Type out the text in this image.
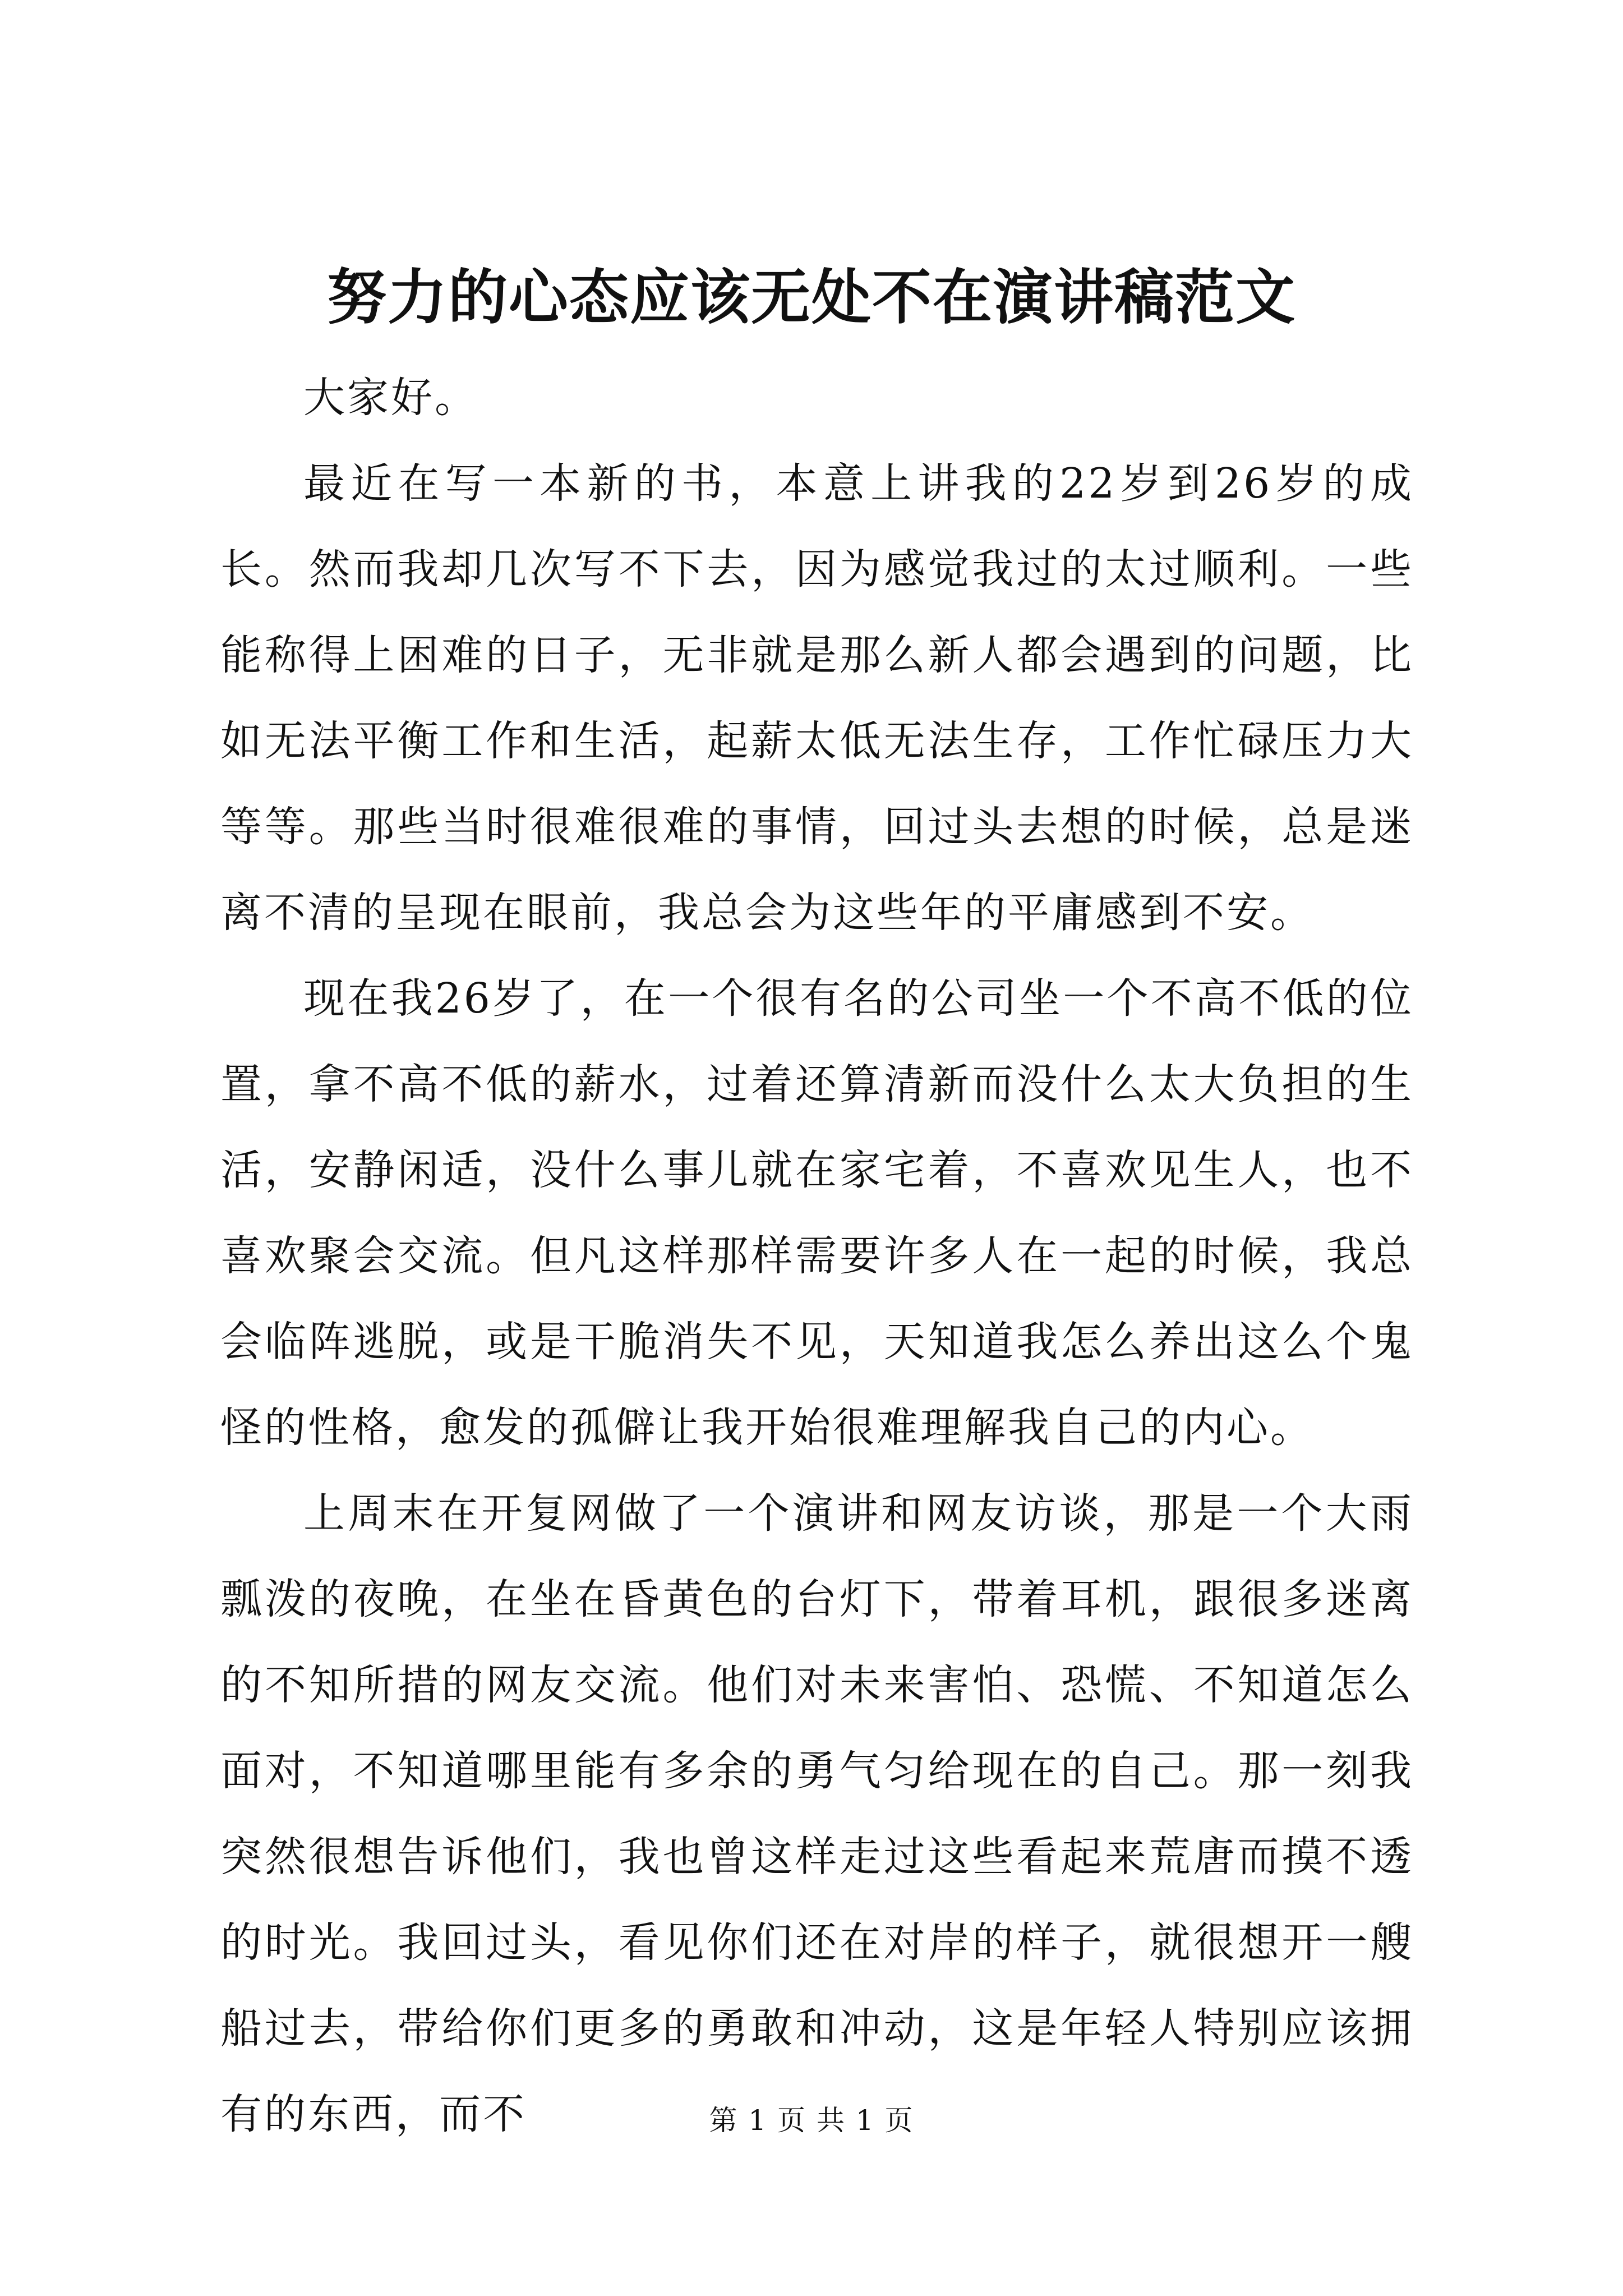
努力的心态应该无处不在演讲稿范文

大家好。

最近在写一本新的书，本意上讲我的22岁到26岁的成长。然而我却几次写不下去，因为感觉我过的太过顺利。一些能称得上困难的日子，无非就是那么新人都会遇到的问题，比如无法平衡工作和生活，起薪太低无法生存，工作忙碌压力大等等。那些当时很难很难的事情，回过头去想的时候，总是迷离不清的呈现在眼前，我总会为这些年的平庸感到不安。

现在我26岁了，在一个很有名的公司坐一个不高不低的位置，拿不高不低的薪水，过着还算清新而没什么太大负担的生活，安静闲适，没什么事儿就在家宅着，不喜欢见生人，也不喜欢聚会交流。但凡这样那样需要许多人在一起的时候，我总会临阵逃脱，或是干脆消失不见，天知道我怎么养出这么个鬼怪的性格，愈发的孤僻让我开始很难理解我自己的内心。

上周末在开复网做了一个演讲和网友访谈，那是一个大雨瓢泼的夜晚，在坐在昏黄色的台灯下，带着耳机，跟很多迷离的不知所措的网友交流。他们对未来害怕、恐慌、不知道怎么面对，不知道哪里能有多余的勇气匀给现在的自己。那一刻我突然很想告诉他们，我也曾这样走过这些看起来荒唐而摸不透的时光。我回过头，看见你们还在对岸的样子，就很想开一艘船过去，带给你们更多的勇敢和冲动，这是年轻人特别应该拥有的东西，而不	第 1 页 共 1 页
